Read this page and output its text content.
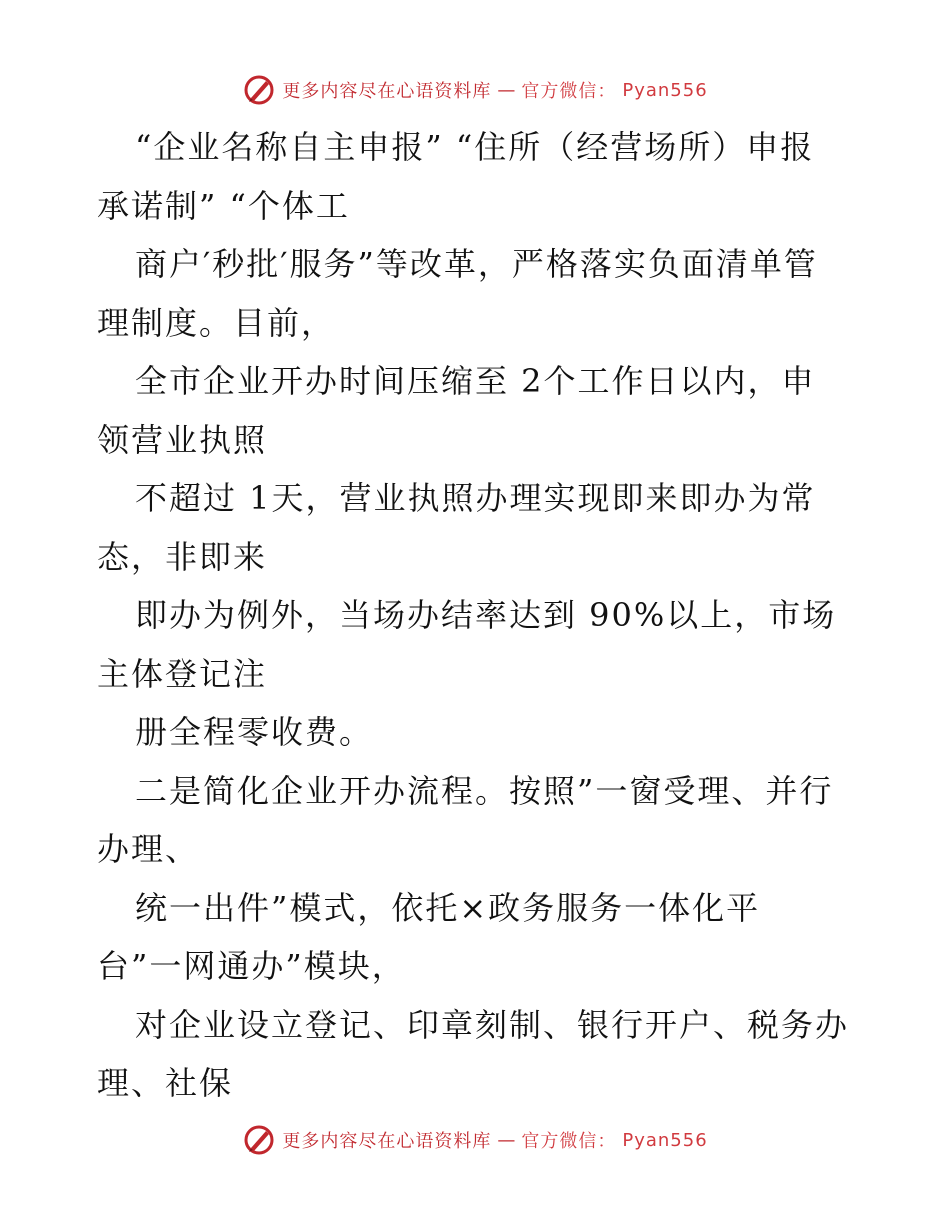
更多内容尽在心语资料库 — 官方微信： Pyan556
“企业名称自主申报” “住所（经营场所）申报
承诺制” “个体工
商户′秒批′服务”等改革，严格落实负面清单管
理制度。目前，
全市企业开办时间压缩至 2个工作日以内，申
领营业执照
不超过 1天，营业执照办理实现即来即办为常
态，非即来
即办为例外，当场办结率达到 90%以上，市场
主体登记注
册全程零收费。
二是简化企业开办流程。按照”一窗受理、并行
办理、
统一出件”模式，依托×政务服务一体化平
台”一网通办”模块，
对企业设立登记、印章刻制、银行开户、税务办
理、社保
更多内容尽在心语资料库 — 官方微信： Pyan556
